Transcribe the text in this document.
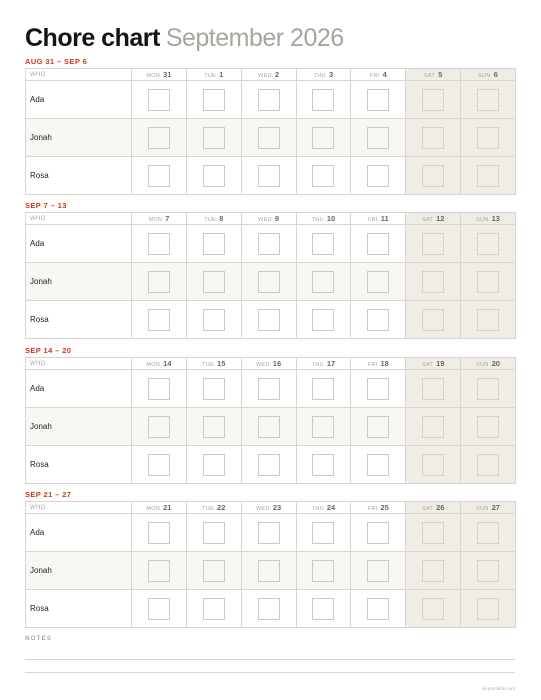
Chore chart September 2026
AUG 31 – SEP 6
WHO	MON 31	TUE 1	WED 2	THU 3	FRI 4	SAT 5	SUN 6
Ada	

Jonah	

Rosa	

SEP 7 – 13
WHO	MON 7	TUE 8	WED 9	THU 10	FRI 11	SAT 12	SUN 13
Ada	

Jonah	

Rosa	

SEP 14 – 20
WHO	MON 14	TUE 15	WED 16	THU 17	FRI 18	SAT 19	SUN 20
Ada	

Jonah	

Rosa	

SEP 21 – 27
WHO	MON 21	TUE 22	WED 23	THU 24	FRI 25	SAT 26	SUN 27
Ada	

Jonah	

Rosa	

NOTES
all-printable.com
